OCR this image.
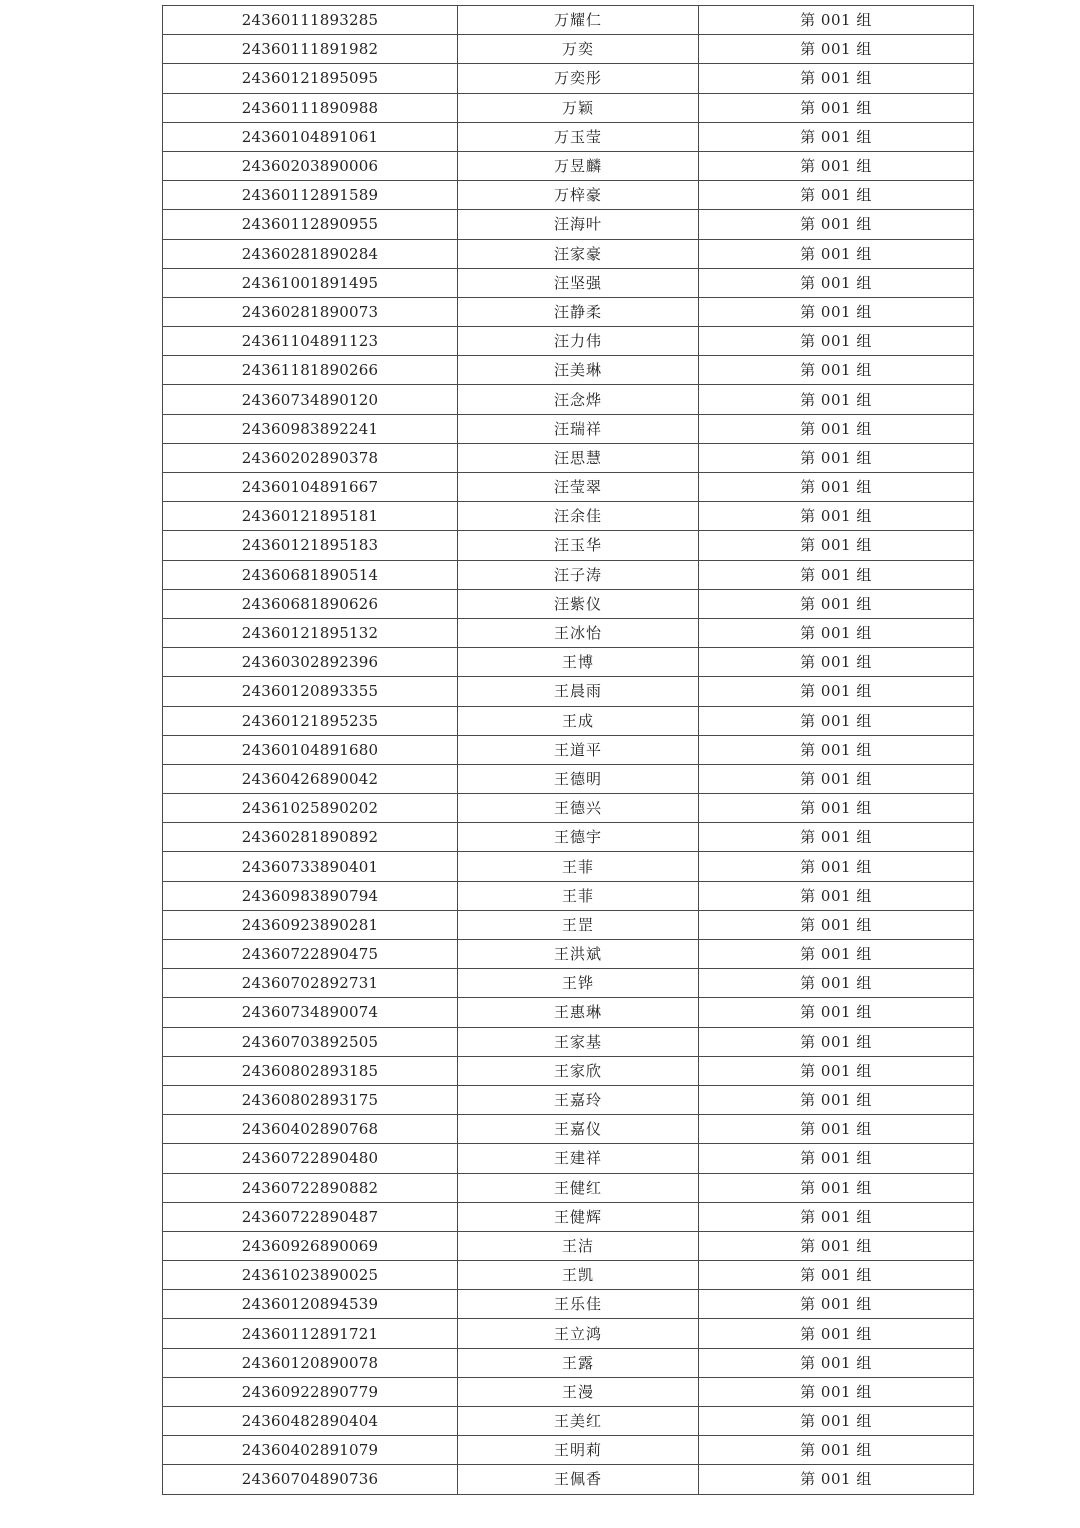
24360111893285	万耀仁	第 001 组
24360111891982	万奕	第 001 组
24360121895095	万奕彤	第 001 组
24360111890988	万颖	第 001 组
24360104891061	万玉莹	第 001 组
24360203890006	万昱麟	第 001 组
24360112891589	万梓豪	第 001 组
24360112890955	汪海叶	第 001 组
24360281890284	汪家豪	第 001 组
24361001891495	汪坚强	第 001 组
24360281890073	汪静柔	第 001 组
24361104891123	汪力伟	第 001 组
24361181890266	汪美琳	第 001 组
24360734890120	汪念烨	第 001 组
24360983892241	汪瑞祥	第 001 组
24360202890378	汪思慧	第 001 组
24360104891667	汪莹翠	第 001 组
24360121895181	汪余佳	第 001 组
24360121895183	汪玉华	第 001 组
24360681890514	汪子涛	第 001 组
24360681890626	汪紫仪	第 001 组
24360121895132	王冰怡	第 001 组
24360302892396	王博	第 001 组
24360120893355	王晨雨	第 001 组
24360121895235	王成	第 001 组
24360104891680	王道平	第 001 组
24360426890042	王德明	第 001 组
24361025890202	王德兴	第 001 组
24360281890892	王德宇	第 001 组
24360733890401	王菲	第 001 组
24360983890794	王菲	第 001 组
24360923890281	王罡	第 001 组
24360722890475	王洪斌	第 001 组
24360702892731	王铧	第 001 组
24360734890074	王惠琳	第 001 组
24360703892505	王家基	第 001 组
24360802893185	王家欣	第 001 组
24360802893175	王嘉玲	第 001 组
24360402890768	王嘉仪	第 001 组
24360722890480	王建祥	第 001 组
24360722890882	王健红	第 001 组
24360722890487	王健辉	第 001 组
24360926890069	王洁	第 001 组
24361023890025	王凯	第 001 组
24360120894539	王乐佳	第 001 组
24360112891721	王立鸿	第 001 组
24360120890078	王露	第 001 组
24360922890779	王漫	第 001 组
24360482890404	王美红	第 001 组
24360402891079	王明莉	第 001 组
24360704890736	王佩香	第 001 组
